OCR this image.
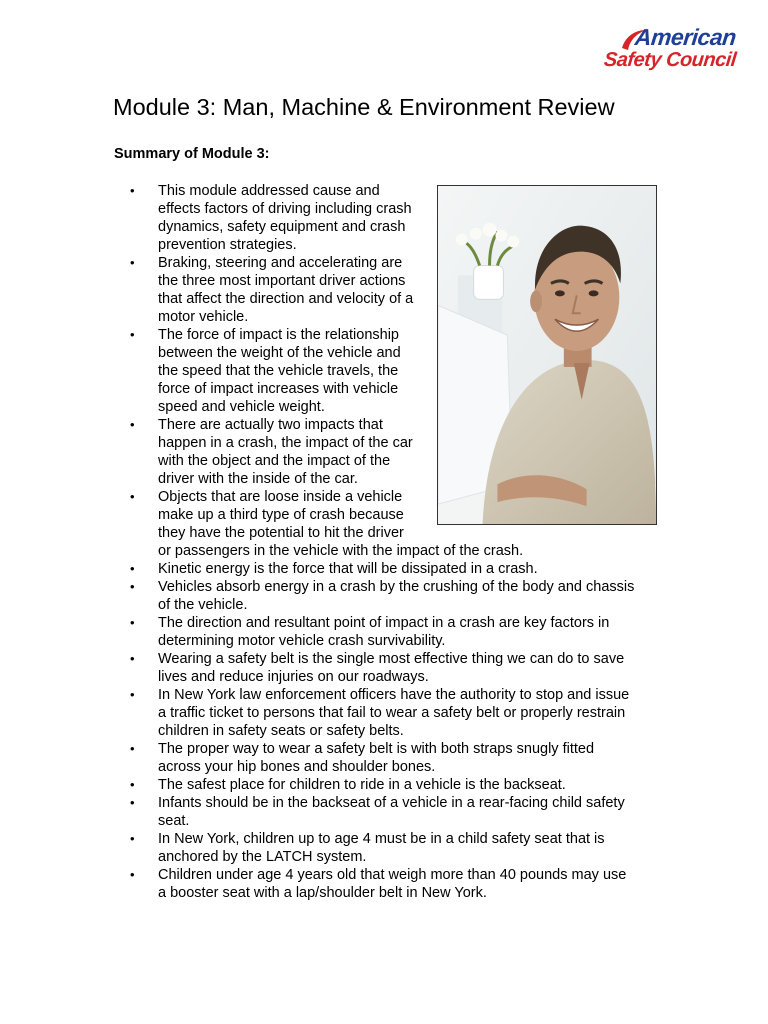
American
Safety Council
Module 3: Man, Machine & Environment Review
Summary of Module 3:
• This module addressed cause and
effects factors of driving including crash
dynamics, safety equipment and crash
prevention strategies.
• Braking, steering and accelerating are
the three most important driver actions
that affect the direction and velocity of a
motor vehicle.
• The force of impact is the relationship
between the weight of the vehicle and
the speed that the vehicle travels, the
force of impact increases with vehicle
speed and vehicle weight.
• There are actually two impacts that
happen in a crash, the impact of the car
with the object and the impact of the
driver with the inside of the car.
• Objects that are loose inside a vehicle
make up a third type of crash because
they have the potential to hit the driver
or passengers in the vehicle with the impact of the crash.
• Kinetic energy is the force that will be dissipated in a crash.
• Vehicles absorb energy in a crash by the crushing of the body and chassis
of the vehicle.
• The direction and resultant point of impact in a crash are key factors in
determining motor vehicle crash survivability.
• Wearing a safety belt is the single most effective thing we can do to save
lives and reduce injuries on our roadways.
• In New York law enforcement officers have the authority to stop and issue
a traffic ticket to persons that fail to wear a safety belt or properly restrain
children in safety seats or safety belts.
• The proper way to wear a safety belt is with both straps snugly fitted
across your hip bones and shoulder bones.
• The safest place for children to ride in a vehicle is the backseat.
• Infants should be in the backseat of a vehicle in a rear-facing child safety
seat.
• In New York, children up to age 4 must be in a child safety seat that is
anchored by the LATCH system.
• Children under age 4 years old that weigh more than 40 pounds may use
a booster seat with a lap/shoulder belt in New York.
